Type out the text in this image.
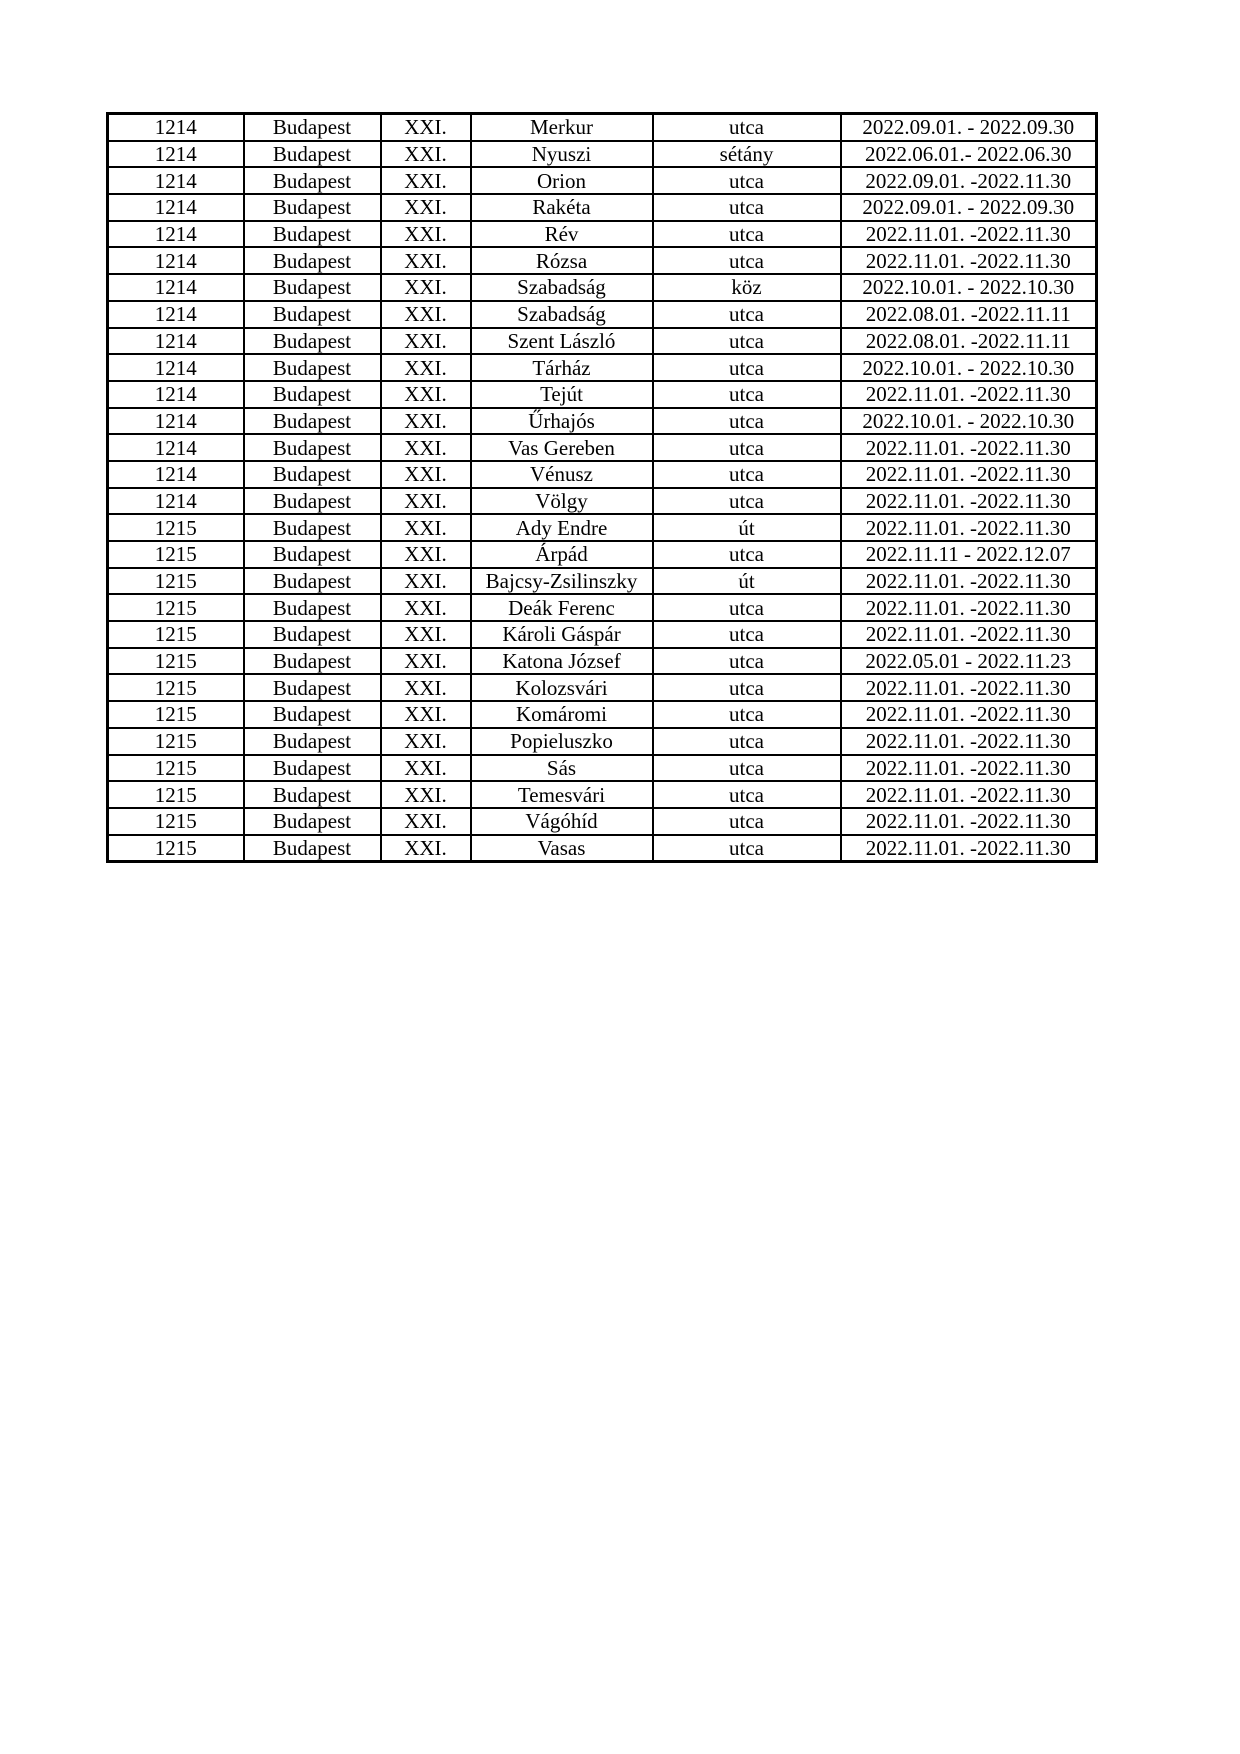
1214	Budapest	XXI.	Merkur	utca	2022.09.01. - 2022.09.30
1214	Budapest	XXI.	Nyuszi	sétány	2022.06.01.- 2022.06.30
1214	Budapest	XXI.	Orion	utca	2022.09.01. -2022.11.30
1214	Budapest	XXI.	Rakéta	utca	2022.09.01. - 2022.09.30
1214	Budapest	XXI.	Rév	utca	2022.11.01. -2022.11.30
1214	Budapest	XXI.	Rózsa	utca	2022.11.01. -2022.11.30
1214	Budapest	XXI.	Szabadság	köz	2022.10.01. - 2022.10.30
1214	Budapest	XXI.	Szabadság	utca	2022.08.01. -2022.11.11
1214	Budapest	XXI.	Szent László	utca	2022.08.01. -2022.11.11
1214	Budapest	XXI.	Tárház	utca	2022.10.01. - 2022.10.30
1214	Budapest	XXI.	Tejút	utca	2022.11.01. -2022.11.30
1214	Budapest	XXI.	Űrhajós	utca	2022.10.01. - 2022.10.30
1214	Budapest	XXI.	Vas Gereben	utca	2022.11.01. -2022.11.30
1214	Budapest	XXI.	Vénusz	utca	2022.11.01. -2022.11.30
1214	Budapest	XXI.	Völgy	utca	2022.11.01. -2022.11.30
1215	Budapest	XXI.	Ady Endre	út	2022.11.01. -2022.11.30
1215	Budapest	XXI.	Árpád	utca	2022.11.11 - 2022.12.07
1215	Budapest	XXI.	Bajcsy-Zsilinszky	út	2022.11.01. -2022.11.30
1215	Budapest	XXI.	Deák Ferenc	utca	2022.11.01. -2022.11.30
1215	Budapest	XXI.	Károli Gáspár	utca	2022.11.01. -2022.11.30
1215	Budapest	XXI.	Katona József	utca	2022.05.01 - 2022.11.23
1215	Budapest	XXI.	Kolozsvári	utca	2022.11.01. -2022.11.30
1215	Budapest	XXI.	Komáromi	utca	2022.11.01. -2022.11.30
1215	Budapest	XXI.	Popieluszko	utca	2022.11.01. -2022.11.30
1215	Budapest	XXI.	Sás	utca	2022.11.01. -2022.11.30
1215	Budapest	XXI.	Temesvári	utca	2022.11.01. -2022.11.30
1215	Budapest	XXI.	Vágóhíd	utca	2022.11.01. -2022.11.30
1215	Budapest	XXI.	Vasas	utca	2022.11.01. -2022.11.30
